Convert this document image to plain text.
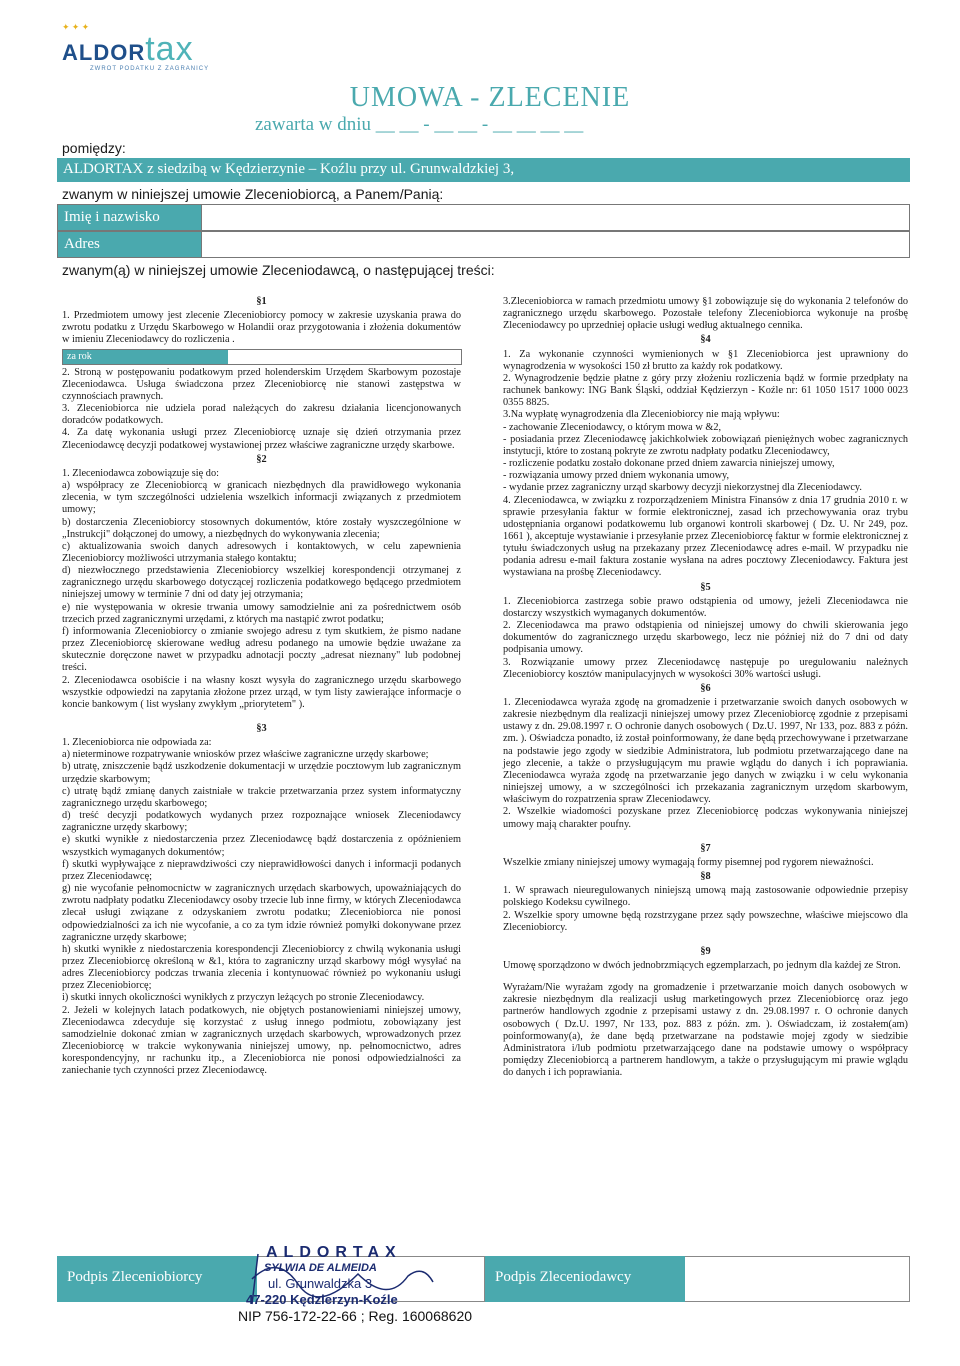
✦ ✦ ✦
ALDORtax
ZWROT PODATKU Z ZAGRANICY
UMOWA - ZLECENIE
zawarta w dniu __ __ - __ __ - __ __ __ __
pomiędzy:
ALDORTAX z siedzibą w Kędzierzynie – Koźlu przy ul. Grunwaldzkiej 3,
zwanym w niniejszej umowie Zleceniobiorcą, a Panem/Panią:
Imię i nazwisko
Adres
zwanym(ą) w niniejszej umowie Zleceniodawcą, o następującej treści:

§1

1. Przedmiotem umowy jest zlecenie Zleceniobiorcy pomocy w zakresie uzyskania prawa do zwrotu podatku z Urzędu Skarbowego w Holandii oraz przygotowania i złożenia dokumentów w imieniu Zleceniodawcy do rozliczenia .

za rok

2. Stroną w postępowaniu podatkowym przed holenderskim Urzędem Skarbowym pozostaje Zleceniodawca. Usługa świadczona przez Zleceniobiorcę nie stanowi zastępstwa w czynnościach prawnych.

3. Zleceniobiorca nie udziela porad należących do zakresu działania licencjonowanych doradców podatkowych.

4. Za datę wykonania usługi przez Zleceniobiorcę uznaje się dzień otrzymania przez Zleceniodawcę decyzji podatkowej wystawionej przez właściwe zagraniczne urzędy skarbowe.

§2

1. Zleceniodawca zobowiązuje się do:

a) współpracy ze Zleceniobiorcą w granicach niezbędnych dla prawidłowego wykonania zlecenia, w tym szczególności udzielenia wszelkich informacji związanych z przedmiotem umowy;

b) dostarczenia Zleceniobiorcy stosownych dokumentów, które zostały wyszczególnione w „Instrukcji" dołączonej do umowy, a niezbędnych do wykonywania zlecenia;

c) aktualizowania swoich danych adresowych i kontaktowych, w celu zapewnienia Zleceniobiorcy możliwości utrzymania stałego kontaktu;

d) niezwłocznego przedstawienia Zleceniobiorcy wszelkiej korespondencji otrzymanej z zagranicznego urzędu skarbowego dotyczącej rozliczenia podatkowego będącego przedmiotem niniejszej umowy w terminie 7 dni od daty jej otrzymania;

e) nie występowania w okresie trwania umowy samodzielnie ani za pośrednictwem osób trzecich przed zagranicznymi urzędami, z których ma nastąpić zwrot podatku;

f) informowania Zleceniobiorcy o zmianie swojego adresu z tym skutkiem, że pismo nadane przez Zleceniobiorcę skierowane według adresu podanego na umowie będzie uważane za skutecznie doręczone nawet w przypadku adnotacji poczty „adresat nieznany" lub podobnej treści.

2. Zleceniodawca osobiście i na własny koszt wysyła do zagranicznego urzędu skarbowego wszystkie odpowiedzi na zapytania złożone przez urząd, w tym listy zawierające informacje o koncie bankowym ( list wysłany zwykłym „priorytetem" ).

§3

1. Zleceniobiorca nie odpowiada za:

a) nieterminowe rozpatrywanie wniosków przez właściwe zagraniczne urzędy skarbowe;

b) utratę, zniszczenie bądź uszkodzenie dokumentacji w urzędzie pocztowym lub zagranicznym urzędzie skarbowym;

c) utratę bądź zmianę danych zaistniałe w trakcie przetwarzania przez system informatyczny zagranicznego urzędu skarbowego;

d) treść decyzji podatkowych wydanych przez rozpoznające wniosek Zleceniodawcy zagraniczne urzędy skarbowy;

e) skutki wynikłe z niedostarczenia przez Zleceniodawcę bądź dostarczenia z opóźnieniem wszystkich wymaganych dokumentów;

f) skutki wypływające z nieprawdziwości czy nieprawidłowości danych i informacji podanych przez Zleceniodawcę;

g) nie wycofanie pełnomocnictw w zagranicznych urzędach skarbowych, upoważniających do zwrotu nadpłaty podatku Zleceniodawcy osoby trzecie lub inne firmy, w których Zleceniodawca zlecał usługi związane z odzyskaniem zwrotu podatku; Zleceniobiorca nie ponosi odpowiedzialności za ich nie wycofanie, a co za tym idzie również pomyłki dokonywane przez zagraniczne urzędy skarbowe;

h) skutki wynikłe z niedostarczenia korespondencji Zleceniobiorcy z chwilą wykonania usługi przez Zleceniobiorcę określoną w &1, która to zagraniczny urząd skarbowy mógł wysyłać na adres Zleceniobiorcy podczas trwania zlecenia i kontynuować również po wykonaniu usługi przez Zleceniobiorcę;

i) skutki innych okoliczności wynikłych z przyczyn leżących po stronie Zleceniodawcy.

2. Jeżeli w kolejnych latach podatkowych, nie objętych postanowieniami niniejszej umowy, Zleceniodawca zdecyduje się korzystać z usług innego podmiotu, zobowiązany jest samodzielnie dokonać zmian w zagranicznych urzędach skarbowych, wprowadzonych przez Zleceniobiorcę w trakcie wykonywania niniejszej umowy, np. pełnomocnictwo, adres korespondencyjny, nr rachunku itp., a Zleceniobiorca nie ponosi odpowiedzialności za zaniechanie tych czynności przez Zleceniodawcę.

3.Zleceniobiorca w ramach przedmiotu umowy §1 zobowiązuje się do wykonania 2 telefonów do zagranicznego urzędu skarbowego. Pozostałe telefony Zleceniobiorca wykonuje na prośbę Zleceniodawcy po uprzedniej opłacie usługi według aktualnego cennika.

§4

1. Za wykonanie czynności wymienionych w §1 Zleceniobiorca jest uprawniony do wynagrodzenia w wysokości 150 zł brutto za każdy rok podatkowy.

2. Wynagrodzenie będzie płatne z góry przy złożeniu rozliczenia bądź w formie przedpłaty na rachunek bankowy: ING Bank Śląski, oddział Kędzierzyn - Koźle nr: 61 1050 1517 1000 0023 0355 8825.

3.Na wypłatę wynagrodzenia dla Zleceniobiorcy nie mają wpływu:

- zachowanie Zleceniodawcy, o którym mowa w &2,

- posiadania przez Zleceniodawcę jakichkolwiek zobowiązań pieniężnych wobec zagranicznych instytucji, które to zostaną pokryte ze zwrotu nadpłaty podatku Zleceniodawcy,

- rozliczenie podatku zostało dokonane przed dniem zawarcia niniejszej umowy,

- rozwiązania umowy przed dniem wykonania umowy,

- wydanie przez zagraniczny urząd skarbowy decyzji niekorzystnej dla Zleceniodawcy.

4. Zleceniodawca, w związku z rozporządzeniem Ministra Finansów z dnia 17 grudnia 2010 r. w sprawie przesyłania faktur w formie elektronicznej, zasad ich przechowywania oraz trybu udostępniania organowi podatkowemu lub organowi kontroli skarbowej ( Dz. U. Nr 249, poz. 1661 ), akceptuje wystawianie i przesyłanie przez Zleceniobiorcę faktur w formie elektronicznej z tytułu świadczonych usług na przekazany przez Zleceniodawcę adres e-mail. W przypadku nie podania adresu e-mail faktura zostanie wysłana na adres pocztowy Zleceniodawcy. Faktura jest wystawiana na prośbę Zleceniodawcy.

§5

1. Zleceniobiorca zastrzega sobie prawo odstąpienia od umowy, jeżeli Zleceniodawca nie dostarczy wszystkich wymaganych dokumentów.

2. Zleceniodawca ma prawo odstąpienia od niniejszej umowy do chwili skierowania jego dokumentów do zagranicznego urzędu skarbowego, lecz nie później niż do 7 dni od daty podpisania umowy.

3. Rozwiązanie umowy przez Zleceniodawcę następuje po uregulowaniu należnych Zleceniobiorcy kosztów manipulacyjnych w wysokości 30% wartości usługi.

§6

1. Zleceniodawca wyraża zgodę na gromadzenie i przetwarzanie swoich danych osobowych w zakresie niezbędnym dla realizacji niniejszej umowy przez Zleceniobiorcę zgodnie z przepisami ustawy z dn. 29.08.1997 r. O ochronie danych osobowych ( Dz.U. 1997, Nr 133, poz. 883 z późn. zm. ). Oświadcza ponadto, iż został poinformowany, że dane będą przechowywane i przetwarzane na podstawie jego zgody w siedzibie Administratora, lub podmiotu przetwarzającego dane na jego zlecenie, a także o przysługującym mu prawie wglądu do danych i ich poprawiania. Zleceniodawca wyraża zgodę na przetwarzanie jego danych w związku i w celu wykonania niniejszej umowy, a w szczególności ich przekazania zagranicznym urzędom skarbowym, właściwym do rozpatrzenia spraw Zleceniodawcy.

2. Wszelkie wiadomości pozyskane przez Zleceniobiorcę podczas wykonywania niniejszej umowy mają charakter poufny.

§7

Wszelkie zmiany niniejszej umowy wymagają formy pisemnej pod rygorem nieważności.

§8

1. W sprawach nieuregulowanych niniejszą umową mają zastosowanie odpowiednie przepisy polskiego Kodeksu cywilnego.

2. Wszelkie spory umowne będą rozstrzygane przez sądy powszechne, właściwe miejscowo dla Zleceniobiorcy.

§9

Umowę sporządzono w dwóch jednobrzmiących egzemplarzach, po jednym dla każdej ze Stron.

Wyrażam/Nie wyrażam zgody na gromadzenie i przetwarzanie moich danych osobowych w zakresie niezbędnym dla realizacji usług marketingowych przez Zleceniobiorcę oraz jego partnerów handlowych zgodnie z przepisami ustawy z dn. 29.08.1997 r. O ochronie danych osobowych ( Dz.U. 1997, Nr 133, poz. 883 z późn. zm. ). Oświadczam, iż zostałem(am) poinformowany(a), że dane będą przetwarzane na podstawie mojej zgody w siedzibie Administratora i/lub podmiotu przetwarzającego dane na podstawie umowy o współpracy pomiędzy Zleceniobiorcą a partnerem handlowym, a także o przysługującym mi prawie wglądu do danych i ich poprawiania.

Podpis Zleceniobiorcy	Podpis Zleceniodawcy
ALDORTAX
SYLWIA DE ALMEIDA
ul. Grunwaldzka 3
47-220 Kędzierzyn-Koźle
NIP 756-172-22-66 ; Reg. 160068620
